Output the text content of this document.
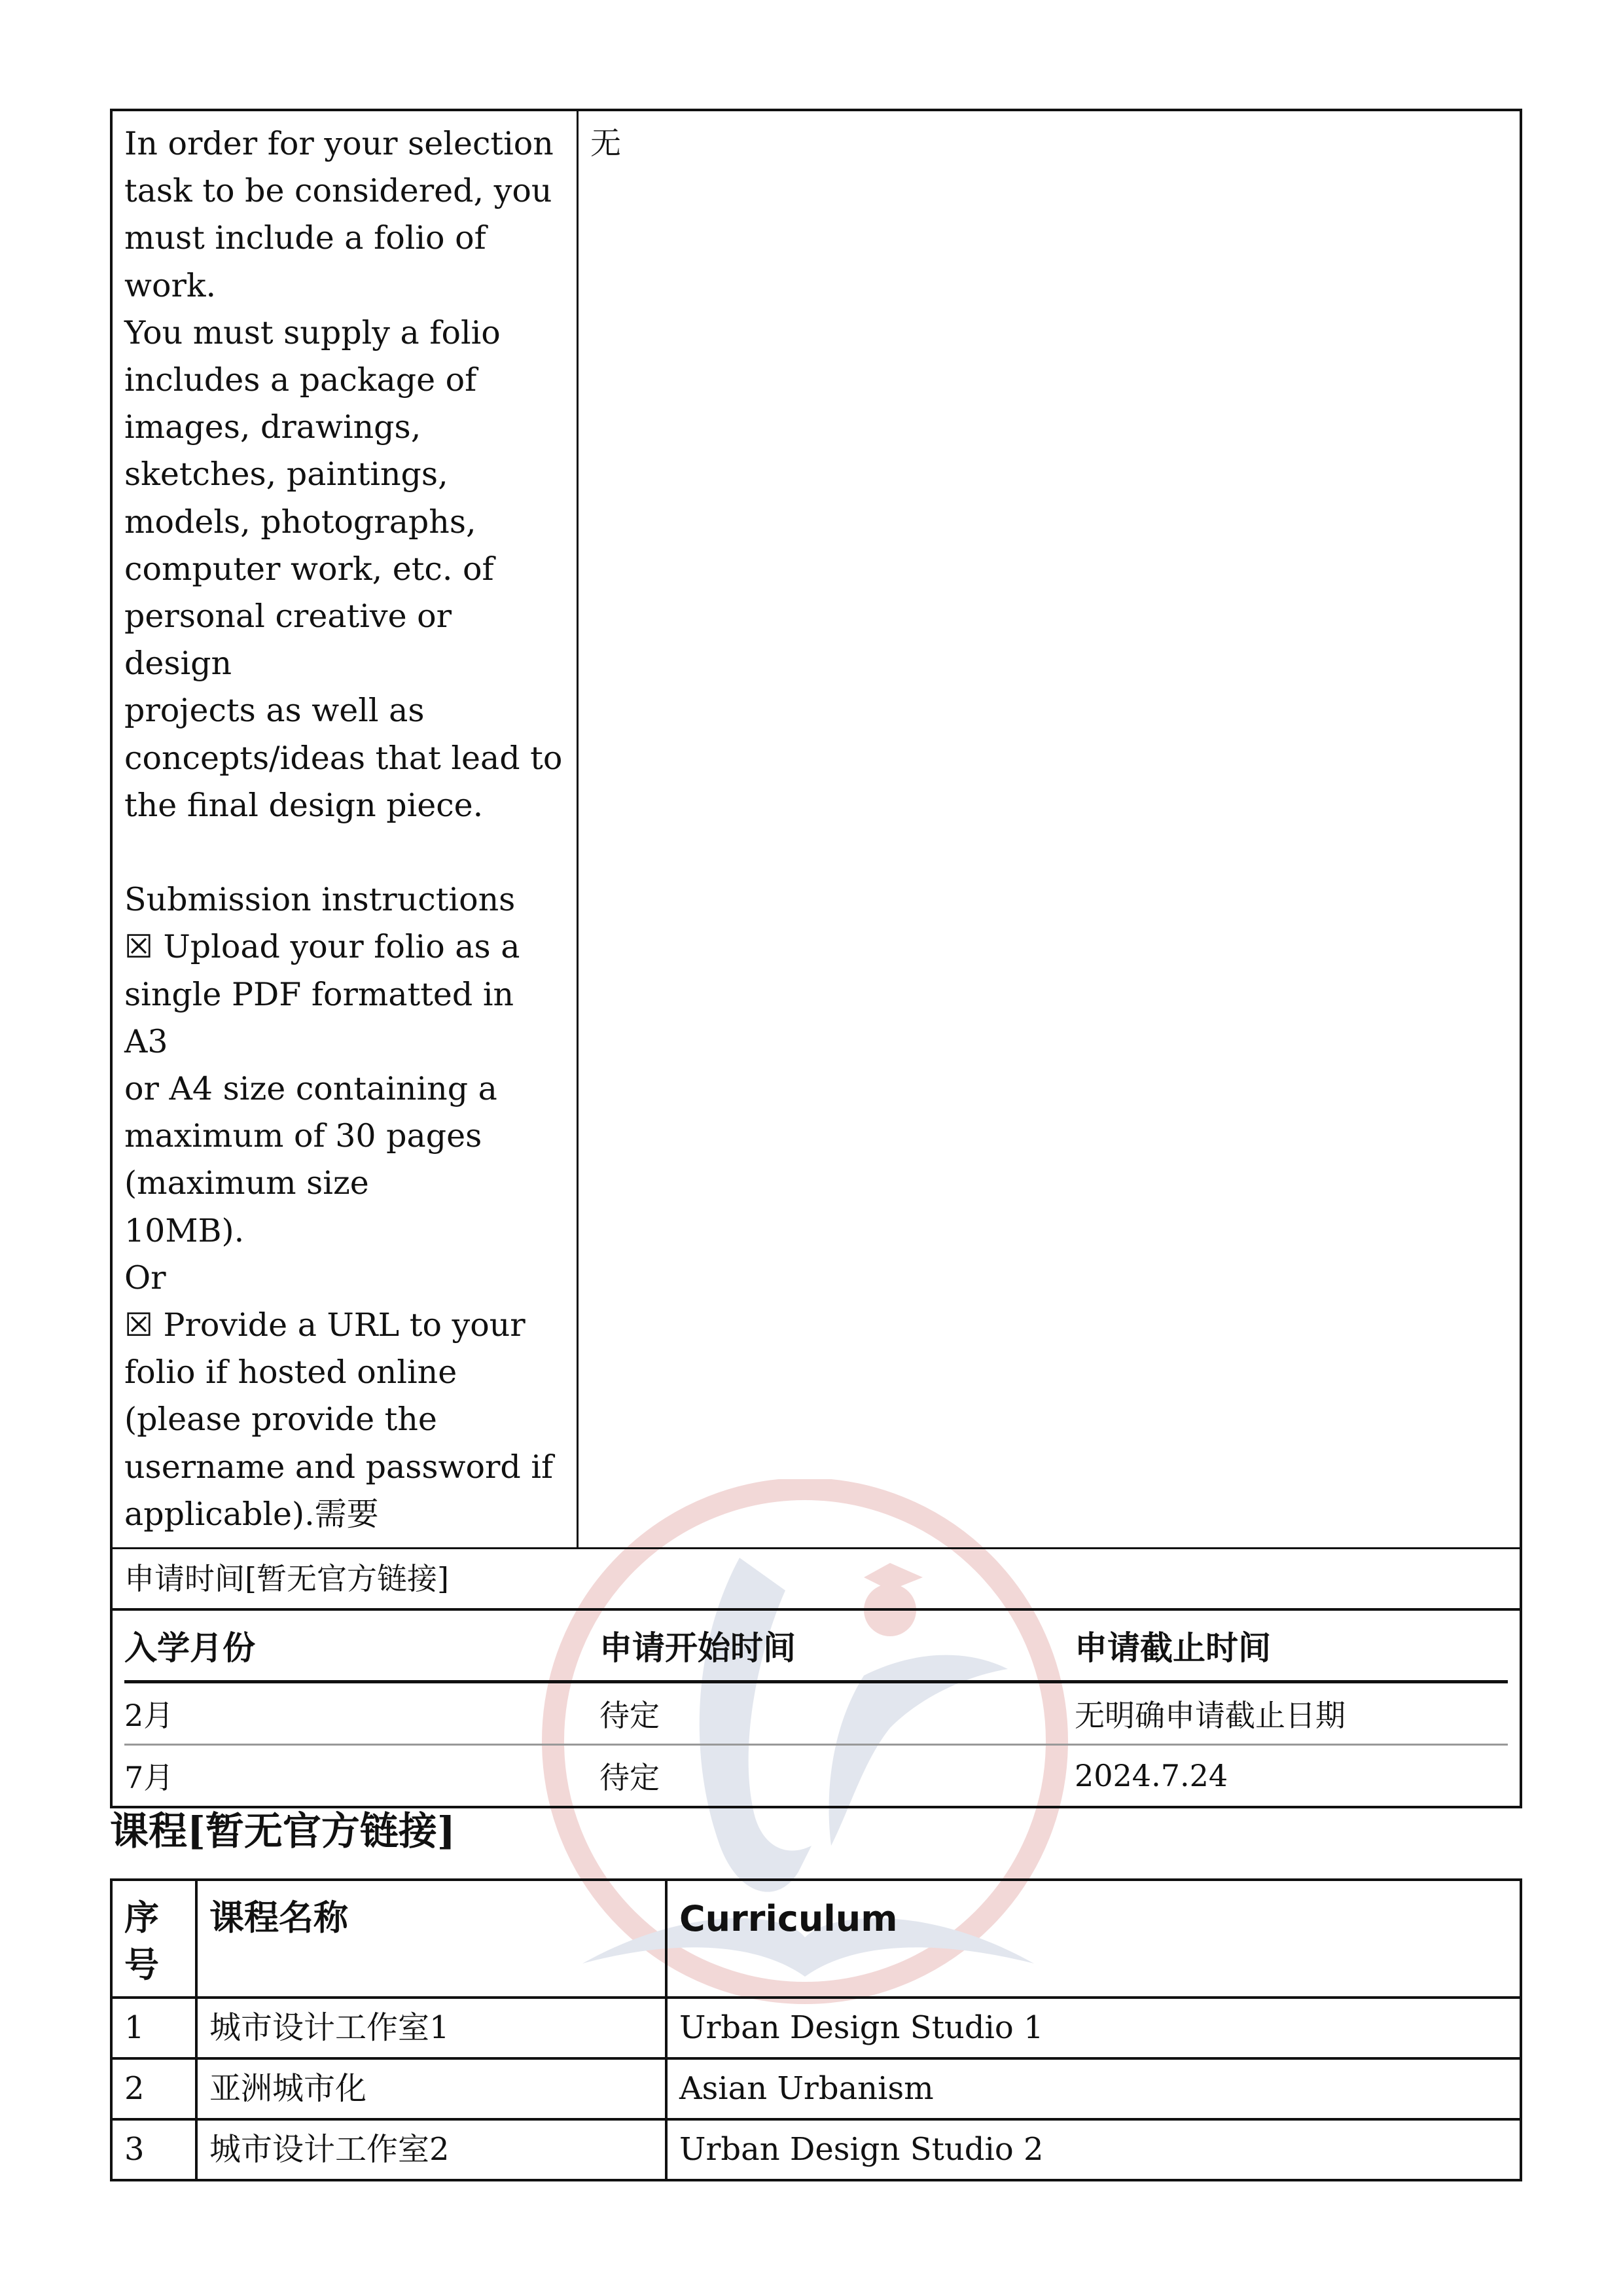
In order for your selection
task to be considered, you
must include a folio of
work.
You must supply a folio
includes a package of
images, drawings,
sketches, paintings,
models, photographs,
computer work, etc. of
personal creative or design
projects as well as
concepts/ideas that lead to
the final design piece.

Submission instructions
☒ Upload your folio as a
single PDF formatted in A3
or A4 size containing a
maximum of 30 pages
(maximum size
10MB).
Or
☒ Provide a URL to your
folio if hosted online
(please provide the
username and password if
applicable).需要
无
申请时间[暂无官方链接]
入学月份	申请开始时间	申请截止时间
2月	待定	无明确申请截止日期
7月	待定	2024.7.24
课程[暂无官方链接]
序
号	课程名称	Curriculum
1	城市设计工作室1	Urban Design Studio 1
2	亚洲城市化	Asian Urbanism
3	城市设计工作室2	Urban Design Studio 2
